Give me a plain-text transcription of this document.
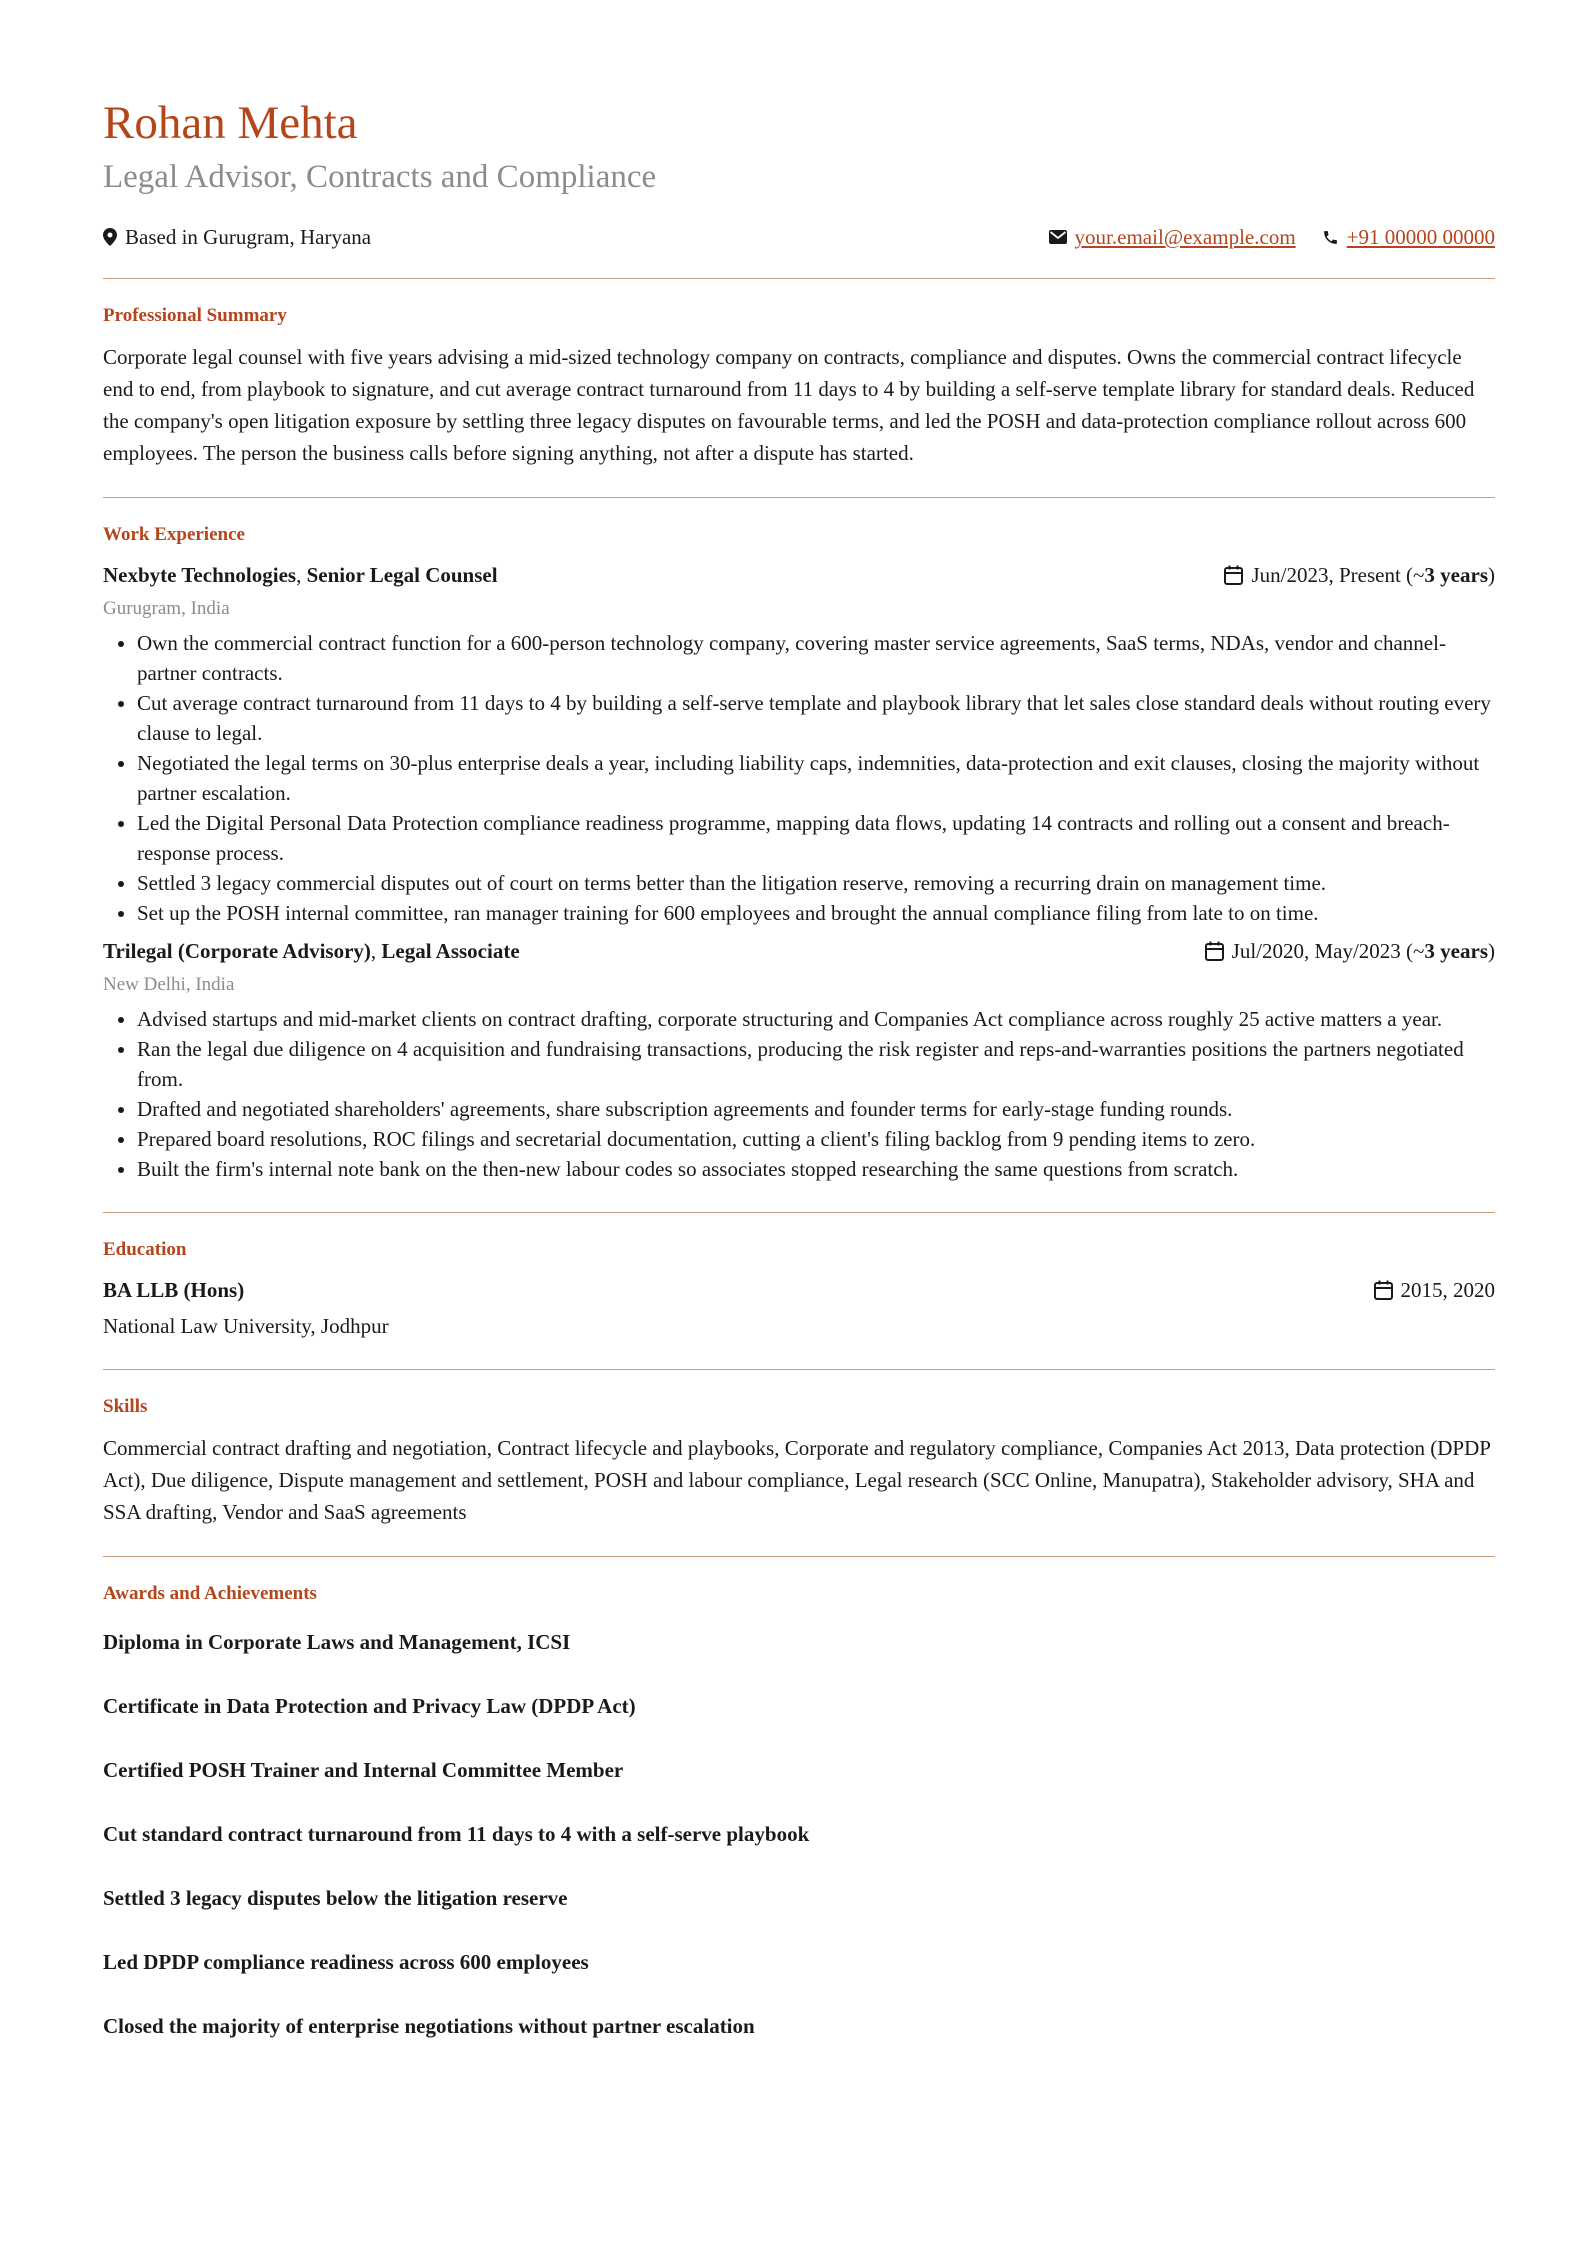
Rohan Mehta
Legal Advisor, Contracts and Compliance
Based in Gurugram, Haryana	your.email@example.com +91 00000 00000
Professional Summary

Corporate legal counsel with five years advising a mid-sized technology company on contracts, compliance and disputes. Owns the commercial contract lifecycle end to end, from playbook to signature, and cut average contract turnaround from 11 days to 4 by building a self-serve template library for standard deals. Reduced the company's open litigation exposure by settling three legacy disputes on favourable terms, and led the POSH and data-protection compliance rollout across 600 employees. The person the business calls before signing anything, not after a dispute has started.

Work Experience
Nexbyte Technologies, Senior Legal Counsel	Jun/2023, Present (~ 3 years )
Gurugram, India
• Own the commercial contract function for a 600-person technology company, covering master service agreements, SaaS terms, NDAs, vendor and channel-partner contracts.
• Cut average contract turnaround from 11 days to 4 by building a self-serve template and playbook library that let sales close standard deals without routing every clause to legal.
• Negotiated the legal terms on 30-plus enterprise deals a year, including liability caps, indemnities, data-protection and exit clauses, closing the majority without partner escalation.
• Led the Digital Personal Data Protection compliance readiness programme, mapping data flows, updating 14 contracts and rolling out a consent and breach-response process.
• Settled 3 legacy commercial disputes out of court on terms better than the litigation reserve, removing a recurring drain on management time.
• Set up the POSH internal committee, ran manager training for 600 employees and brought the annual compliance filing from late to on time.
Trilegal (Corporate Advisory), Legal Associate	Jul/2020, May/2023 (~ 3 years )
New Delhi, India
• Advised startups and mid-market clients on contract drafting, corporate structuring and Companies Act compliance across roughly 25 active matters a year.
• Ran the legal due diligence on 4 acquisition and fundraising transactions, producing the risk register and reps-and-warranties positions the partners negotiated from.
• Drafted and negotiated shareholders' agreements, share subscription agreements and founder terms for early-stage funding rounds.
• Prepared board resolutions, ROC filings and secretarial documentation, cutting a client's filing backlog from 9 pending items to zero.
• Built the firm's internal note bank on the then-new labour codes so associates stopped researching the same questions from scratch.
Education
BA LLB (Hons)	2015, 2020
National Law University, Jodhpur
Skills

Commercial contract drafting and negotiation, Contract lifecycle and playbooks, Corporate and regulatory compliance, Companies Act 2013, Data protection (DPDP Act), Due diligence, Dispute management and settlement, POSH and labour compliance, Legal research (SCC Online, Manupatra), Stakeholder advisory, SHA and SSA drafting, Vendor and SaaS agreements

Awards and Achievements

Diploma in Corporate Laws and Management, ICSI

Certificate in Data Protection and Privacy Law (DPDP Act)

Certified POSH Trainer and Internal Committee Member

Cut standard contract turnaround from 11 days to 4 with a self-serve playbook

Settled 3 legacy disputes below the litigation reserve

Led DPDP compliance readiness across 600 employees

Closed the majority of enterprise negotiations without partner escalation
